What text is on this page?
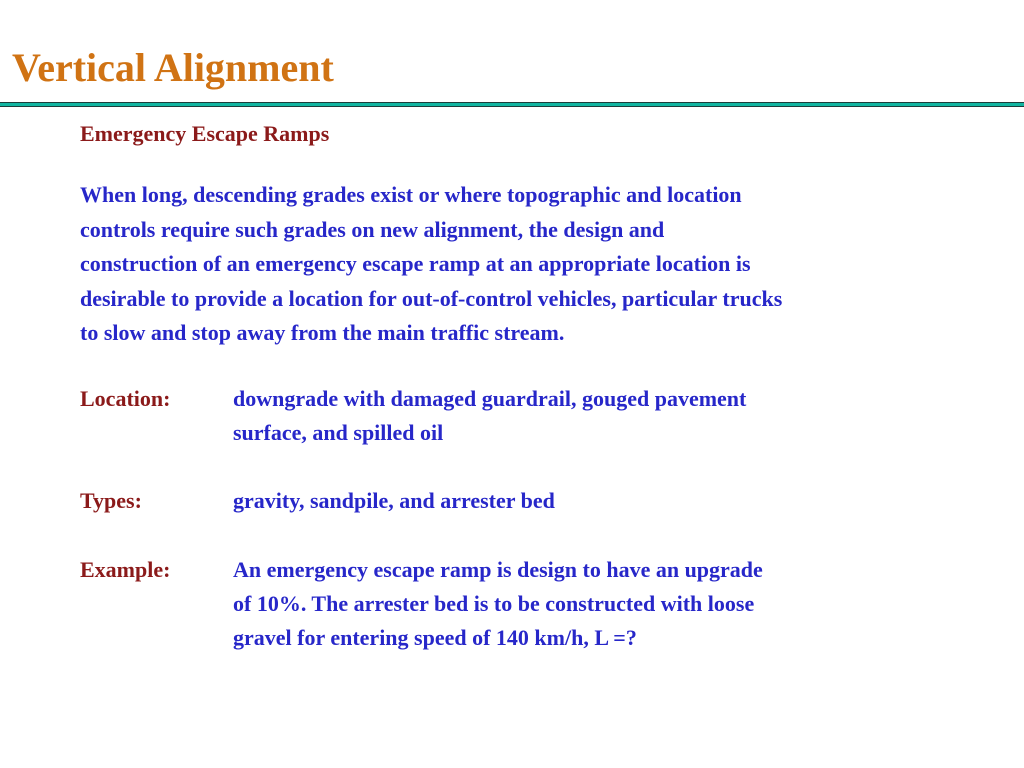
Vertical Alignment
Emergency Escape Ramps
When long, descending grades exist or where topographic and location
controls require such grades on new alignment, the design and
construction of an emergency escape ramp at an appropriate location is
desirable to provide a location for out-of-control vehicles, particular trucks
to slow and stop away from the main traffic stream.
Location:	downgrade with damaged guardrail, gouged pavement
surface, and spilled oil
Types:	gravity, sandpile, and arrester bed
Example:	An emergency escape ramp is design to have an upgrade
of 10%. The arrester bed is to be constructed with loose
gravel for entering speed of 140 km/h, L =?
